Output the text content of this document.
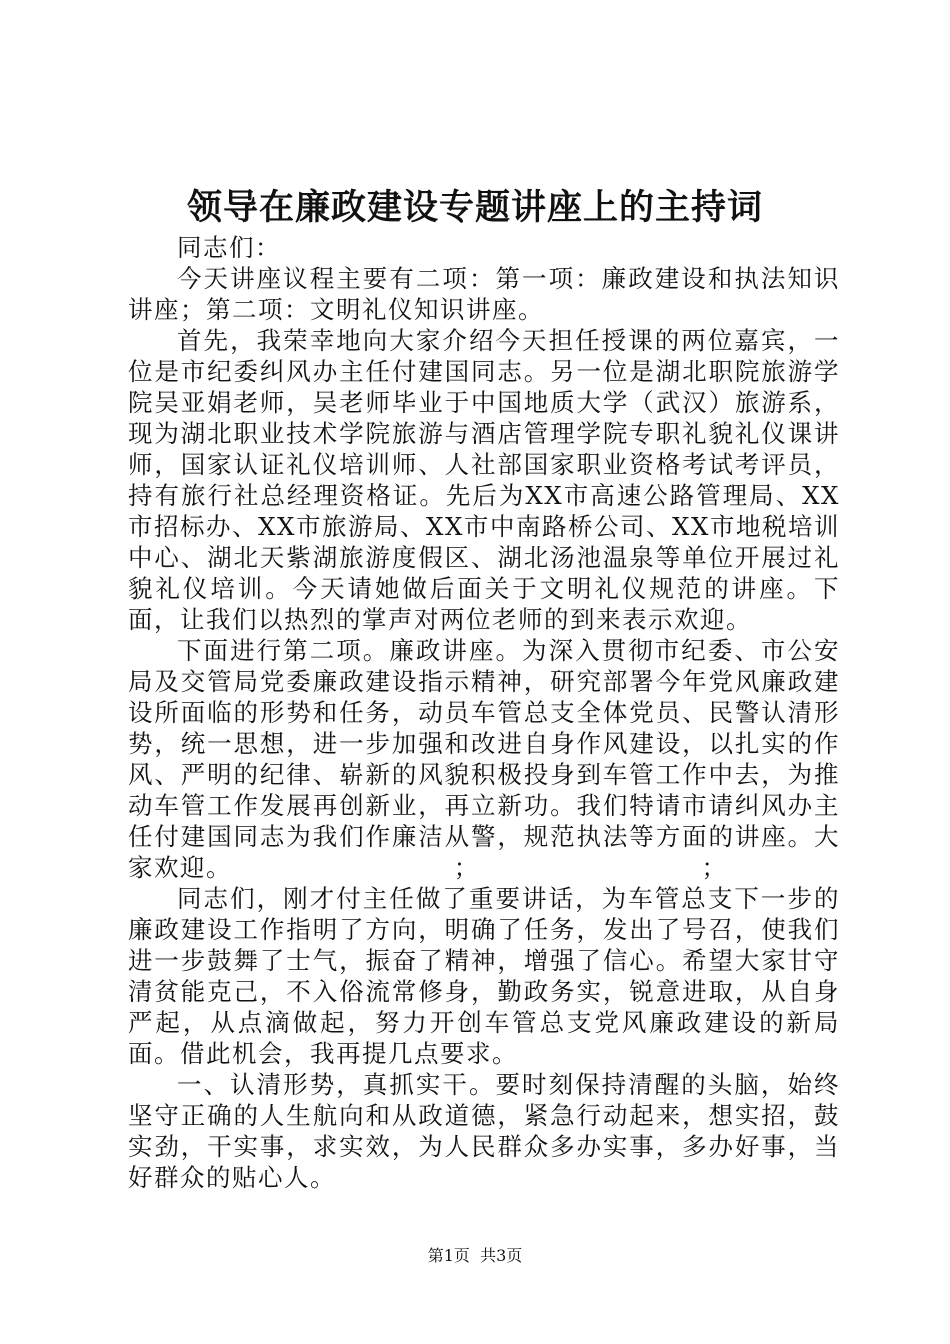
领导在廉政建设专题讲座上的主持词

同志们：

今天讲座议程主要有二项：第一项：廉政建设和执法知识讲座；第二项：文明礼仪知识讲座。

首先，我荣幸地向大家介绍今天担任授课的两位嘉宾，一位是市纪委纠风办主任付建国同志。另一位是湖北职院旅游学院吴亚娟老师，吴老师毕业于中国地质大学（武汉）旅游系，现为湖北职业技术学院旅游与酒店管理学院专职礼貌礼仪课讲师，国家认证礼仪培训师、人社部国家职业资格考试考评员，持有旅行社总经理资格证。先后为XX市高速公路管理局、XX市招标办、XX市旅游局、XX市中南路桥公司、XX市地税培训中心、湖北天紫湖旅游度假区、湖北汤池温泉等单位开展过礼貌礼仪培训。今天请她做后面关于文明礼仪规范的讲座。下面，让我们以热烈的掌声对两位老师的到来表示欢迎。

下面进行第二项。廉政讲座。为深入贯彻市纪委、市公安局及交管局党委廉政建设指示精神，研究部署今年党风廉政建设所面临的形势和任务，动员车管总支全体党员、民警认清形势，统一思想，进一步加强和改进自身作风建设，以扎实的作风、严明的纪律、崭新的风貌积极投身到车管工作中去，为推动车管工作发展再创新业，再立新功。我们特请市请纠风办主任付建国同志为我们作廉洁从警，规范执法等方面的讲座。大家欢迎。　　　　　　　　　；　　　　　　　　　；

同志们，刚才付主任做了重要讲话，为车管总支下一步的廉政建设工作指明了方向，明确了任务，发出了号召，使我们进一步鼓舞了士气，振奋了精神，增强了信心。希望大家甘守清贫能克己，不入俗流常修身，勤政务实，锐意进取，从自身严起，从点滴做起，努力开创车管总支党风廉政建设的新局面。借此机会，我再提几点要求。

一、认清形势，真抓实干。要时刻保持清醒的头脑，始终坚守正确的人生航向和从政道德，紧急行动起来，想实招，鼓实劲，干实事，求实效，为人民群众多办实事，多办好事，当好群众的贴心人。

第1页  共3页
